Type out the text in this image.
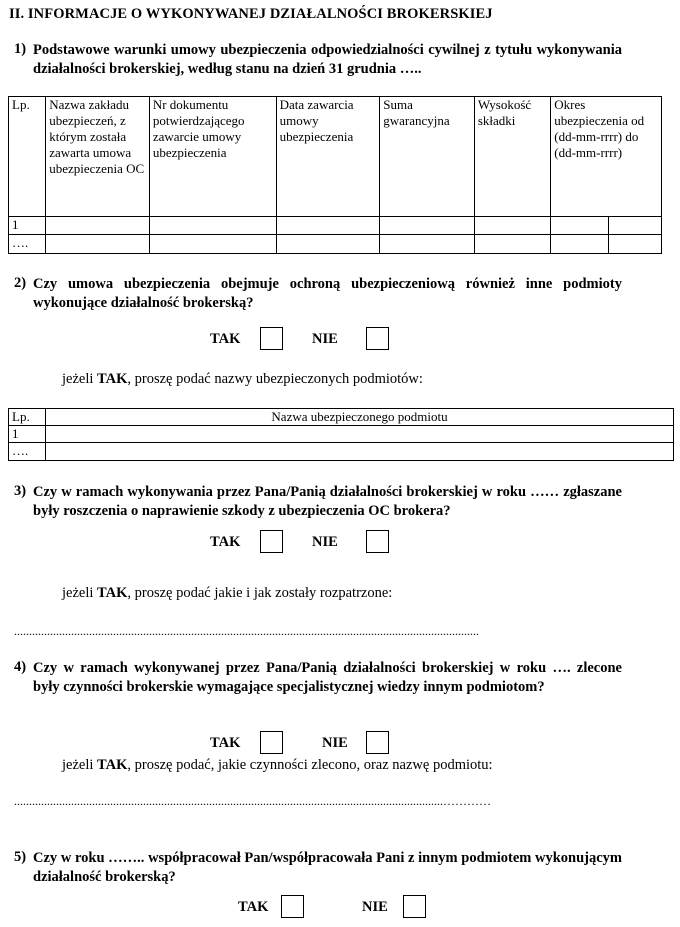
II. INFORMACJE O WYKONYWANEJ DZIAŁALNOŚCI BROKERSKIEJ
1) Podstawowe warunki umowy ubezpieczenia odpowiedzialności cywilnej z tytułu wykonywania działalności brokerskiej, według stanu na dzień 31 grudnia …..
Lp.	Nazwa zakładu ubezpieczeń, z którym została zawarta umowa ubezpieczenia OC	Nr dokumentu potwierdzającego zawarcie umowy ubezpieczenia	Data zawarcia umowy ubezpieczenia	Suma gwarancyjna	Wysokość składki	Okres ubezpieczenia od (dd-mm-rrrr) do (dd-mm-rrrr)	
1							
….							
2) Czy umowa ubezpieczenia obejmuje ochroną ubezpieczeniową również inne podmioty wykonujące działalność brokerską?
TAK	NIE
jeżeli TAK, proszę podać nazwy ubezpieczonych podmiotów:
Lp.	Nazwa ubezpieczonego podmiotu
1	
….	
3) Czy w ramach wykonywania przez Pana/Panią działalności brokerskiej w roku …… zgłaszane były roszczenia o naprawienie szkody z ubezpieczenia OC brokera?
TAK	NIE
jeżeli TAK, proszę podać jakie i jak zostały rozpatrzone:
...........................................................................................................................................................
4) Czy w ramach wykonywanej przez Pana/Panią działalności brokerskiej w roku …. zlecone były czynności brokerskie wymagające specjalistycznej wiedzy innym podmiotom?
TAK	NIE
jeżeli TAK, proszę podać, jakie czynności zlecono, oraz nazwę podmiotu:
...............................................................................................................................................…………
5) Czy w roku …….. współpracował Pan/współpracowała Pani z innym podmiotem wykonującym działalność brokerską?
TAK	NIE
